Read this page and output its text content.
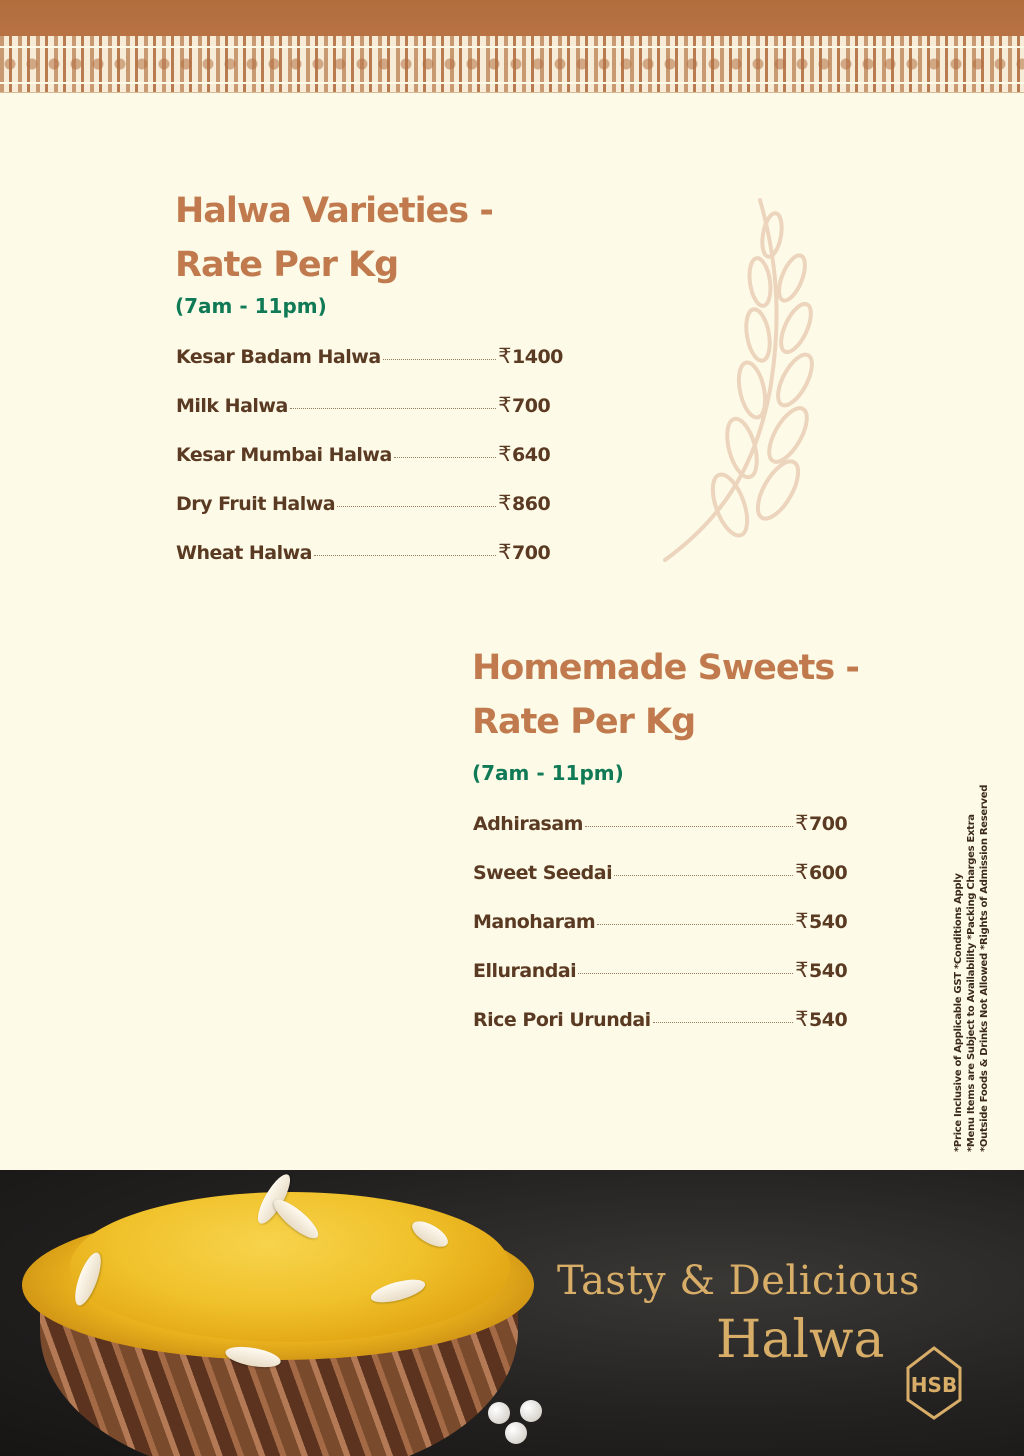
Halwa Varieties -
Rate Per Kg
(7am - 11pm)
Kesar Badam Halwa	₹ 1400
Milk Halwa	₹ 700
Kesar Mumbai Halwa	₹ 640
Dry Fruit Halwa	₹ 860
Wheat Halwa	₹ 700
Homemade Sweets -
Rate Per Kg
(7am - 11pm)
Adhirasam	₹ 700
Sweet Seedai	₹ 600
Manoharam	₹ 540
Ellurandai	₹ 540
Rice Pori Urundai	₹ 540	*Price Inclusive of Applicable GST *Conditions Apply *Menu Items are Subject to Availability *Packing Charges Extra *Outside Foods & Drinks Not Allowed *Rights of Admission Reserved
Tasty & Delicious
Halwa
HSB
